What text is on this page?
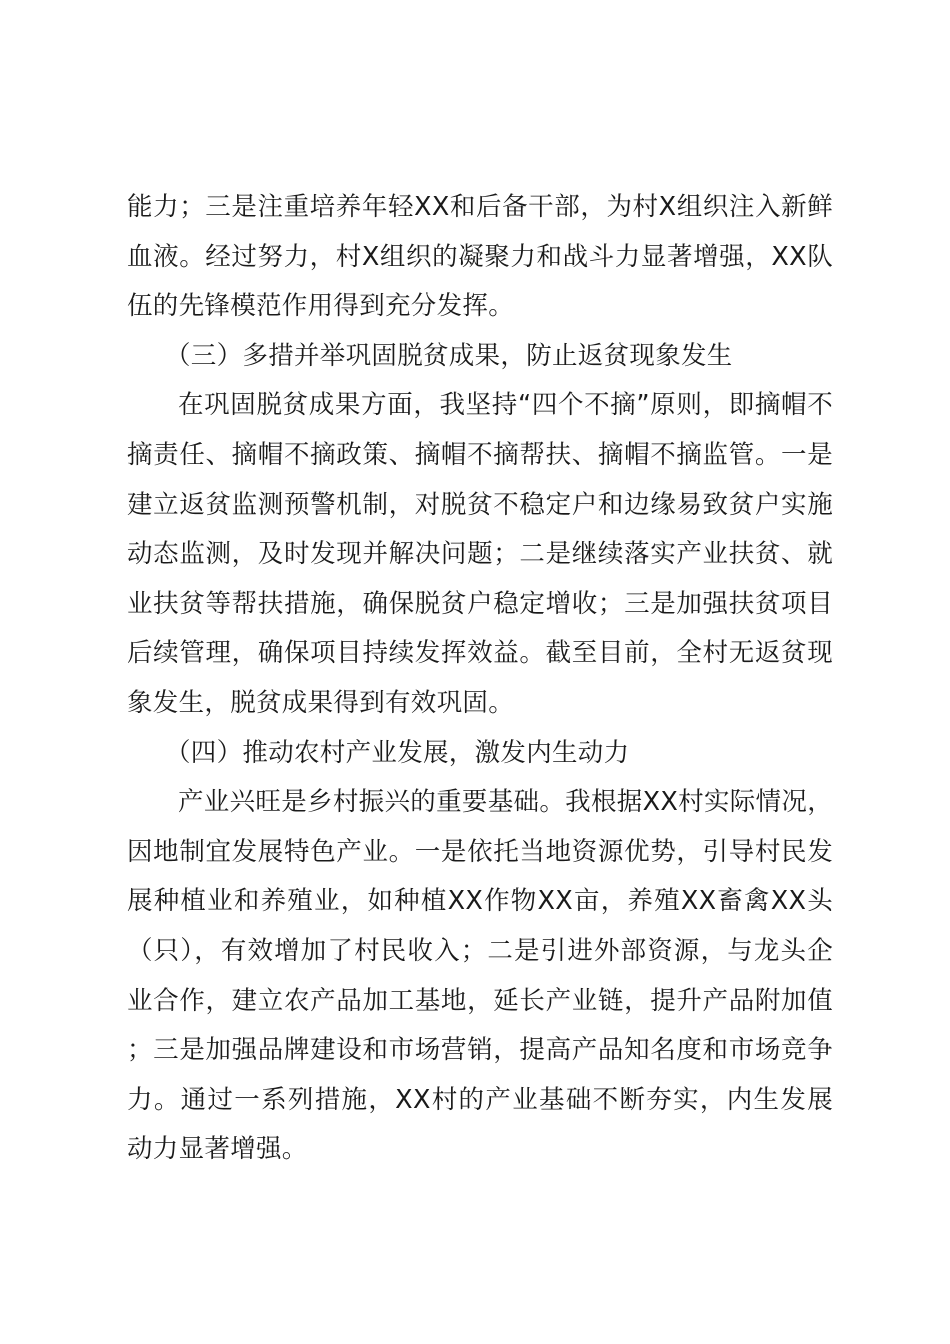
能力；三是注重培养年轻XX和后备干部，为村X组织注入新鲜血液。经过努力，村X组织的凝聚力和战斗力显著增强，XX队伍的先锋模范作用得到充分发挥。

（三）多措并举巩固脱贫成果，防止返贫现象发生

在巩固脱贫成果方面，我坚持“四个不摘”原则，即摘帽不摘责任、摘帽不摘政策、摘帽不摘帮扶、摘帽不摘监管。一是建立返贫监测预警机制，对脱贫不稳定户和边缘易致贫户实施动态监测，及时发现并解决问题；二是继续落实产业扶贫、就业扶贫等帮扶措施，确保脱贫户稳定增收；三是加强扶贫项目后续管理，确保项目持续发挥效益。截至目前，全村无返贫现象发生，脱贫成果得到有效巩固。

（四）推动农村产业发展，激发内生动力

产业兴旺是乡村振兴的重要基础。我根据XX村实际情况，因地制宜发展特色产业。一是依托当地资源优势，引导村民发展种植业和养殖业，如种植XX作物XX亩，养殖XX畜禽XX头（只），有效增加了村民收入；二是引进外部资源，与龙头企业合作，建立农产品加工基地，延长产业链，提升产品附加值；三是加强品牌建设和市场营销，提高产品知名度和市场竞争力。通过一系列措施，XX村的产业基础不断夯实，内生发展动力显著增强。
